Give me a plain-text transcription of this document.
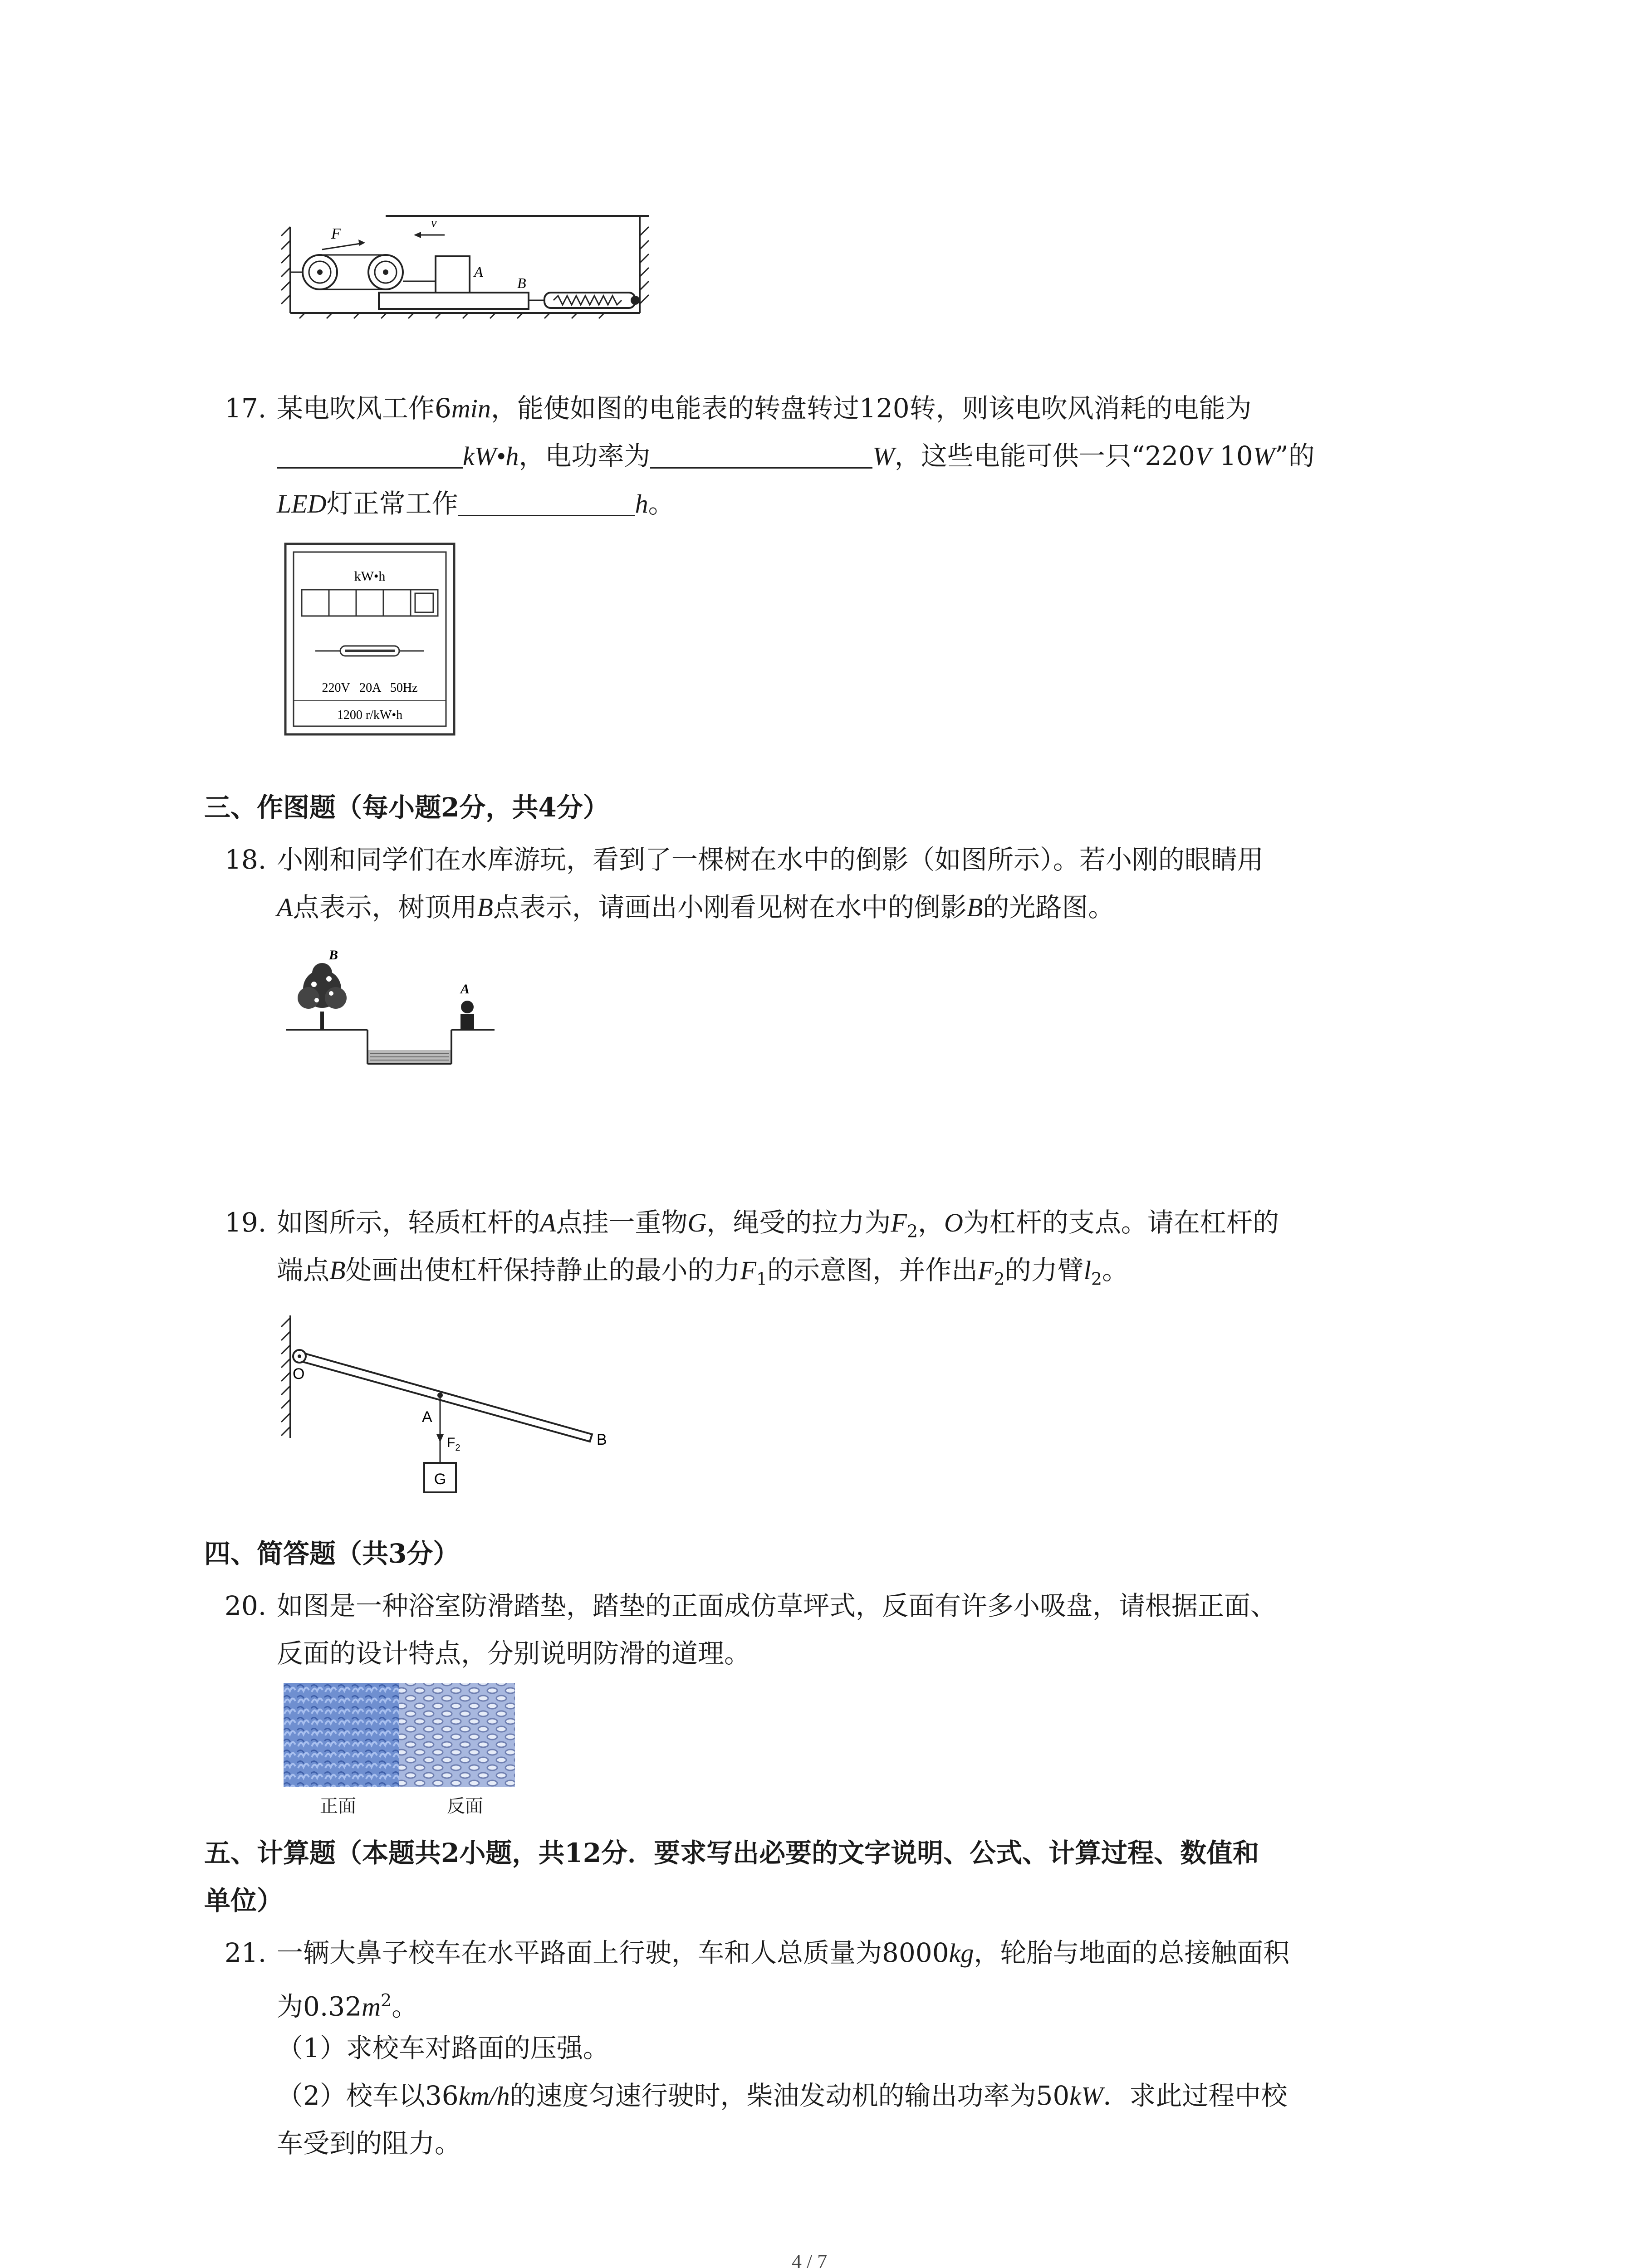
F
v
A
B
17. 某电吹风工作6min，能使如图的电能表的转盘转过120转，则该电吹风消耗的电能为
kW•h，电功率为	W，这些电能可供一只“220V 10W”的
LED灯正常工作	h。
kW•h
220V   20A   50Hz
1200 r/kW•h
三、作图题（每小题2分，共4分）
18. 小刚和同学们在水库游玩，看到了一棵树在水中的倒影（如图所示）。若小刚的眼睛用
A点表示，树顶用B点表示，请画出小刚看见树在水中的倒影B的光路图。
B
A
19. 如图所示，轻质杠杆的A点挂一重物G，绳受的拉力为$F_2$，O为杠杆的支点。请在杠杆的
端点B处画出使杠杆保持静止的最小的力$F_1$的示意图，并作出$F_2$的力臂$l_2$。
O
B
A
$F_2$
G
四、简答题（共3分）
20. 如图是一种浴室防滑踏垫，踏垫的正面成仿草坪式，反面有许多小吸盘，请根据正面、
反面的设计特点，分别说明防滑的道理。
正面	反面
五、计算题（本题共2小题，共12分．要求写出必要的文字说明、公式、计算过程、数值和
单位）
21. 一辆大鼻子校车在水平路面上行驶，车和人总质量为8000kg，轮胎与地面的总接触面积
为$0.32m^2$。
（1）求校车对路面的压强。
（2）校车以36km/h的速度匀速行驶时，柴油发动机的输出功率为50kW．求此过程中校
车受到的阻力。
4 / 7
